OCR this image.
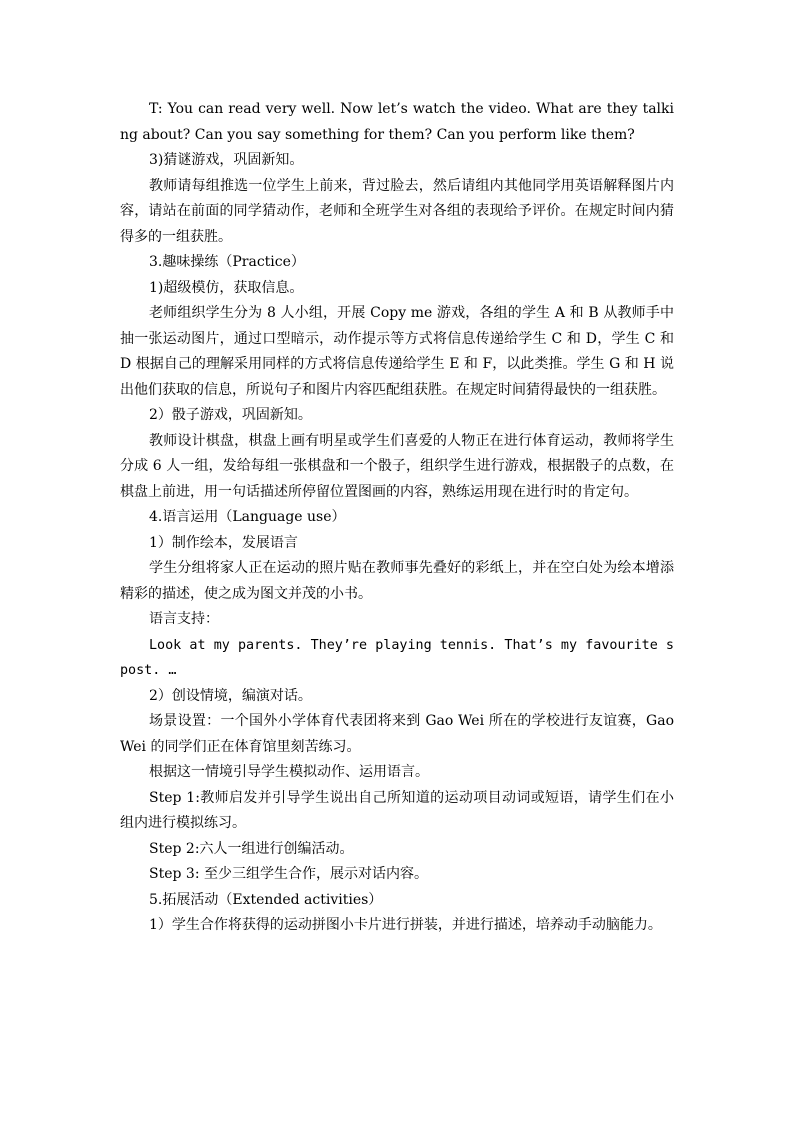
T: You can read very well. Now let’s watch the video. What are they talking about? Can you say something for them? Can you perform like them?

3)猜谜游戏，巩固新知。

教师请每组推选一位学生上前来，背过脸去，然后请组内其他同学用英语解释图片内容，请站在前面的同学猜动作，老师和全班学生对各组的表现给予评价。在规定时间内猜得多的一组获胜。

3.趣味操练（Practice）

1)超级模仿，获取信息。

老师组织学生分为 8 人小组，开展 Copy me 游戏，各组的学生 A 和 B 从教师手中抽一张运动图片，通过口型暗示，动作提示等方式将信息传递给学生 C 和 D，学生 C 和 D 根据自己的理解采用同样的方式将信息传递给学生 E 和 F，以此类推。学生 G 和 H 说出他们获取的信息，所说句子和图片内容匹配组获胜。在规定时间猜得最快的一组获胜。

2）骰子游戏，巩固新知。

教师设计棋盘，棋盘上画有明星或学生们喜爱的人物正在进行体育运动，教师将学生分成 6 人一组，发给每组一张棋盘和一个骰子，组织学生进行游戏，根据骰子的点数，在棋盘上前进，用一句话描述所停留位置图画的内容，熟练运用现在进行时的肯定句。

4.语言运用（Language use）

1）制作绘本，发展语言

学生分组将家人正在运动的照片贴在教师事先叠好的彩纸上，并在空白处为绘本增添精彩的描述，使之成为图文并茂的小书。

语言支持：

Look at my parents. They’re playing tennis. That’s my favourite spost. …

2）创设情境，编演对话。

场景设置：一个国外小学体育代表团将来到 Gao Wei 所在的学校进行友谊赛，Gao Wei 的同学们正在体育馆里刻苦练习。

根据这一情境引导学生模拟动作、运用语言。

Step 1:教师启发并引导学生说出自己所知道的运动项目动词或短语，请学生们在小组内进行模拟练习。

Step 2:六人一组进行创编活动。

Step 3: 至少三组学生合作，展示对话内容。

5.拓展活动（Extended activities）

1）学生合作将获得的运动拼图小卡片进行拼装，并进行描述，培养动手动脑能力。
